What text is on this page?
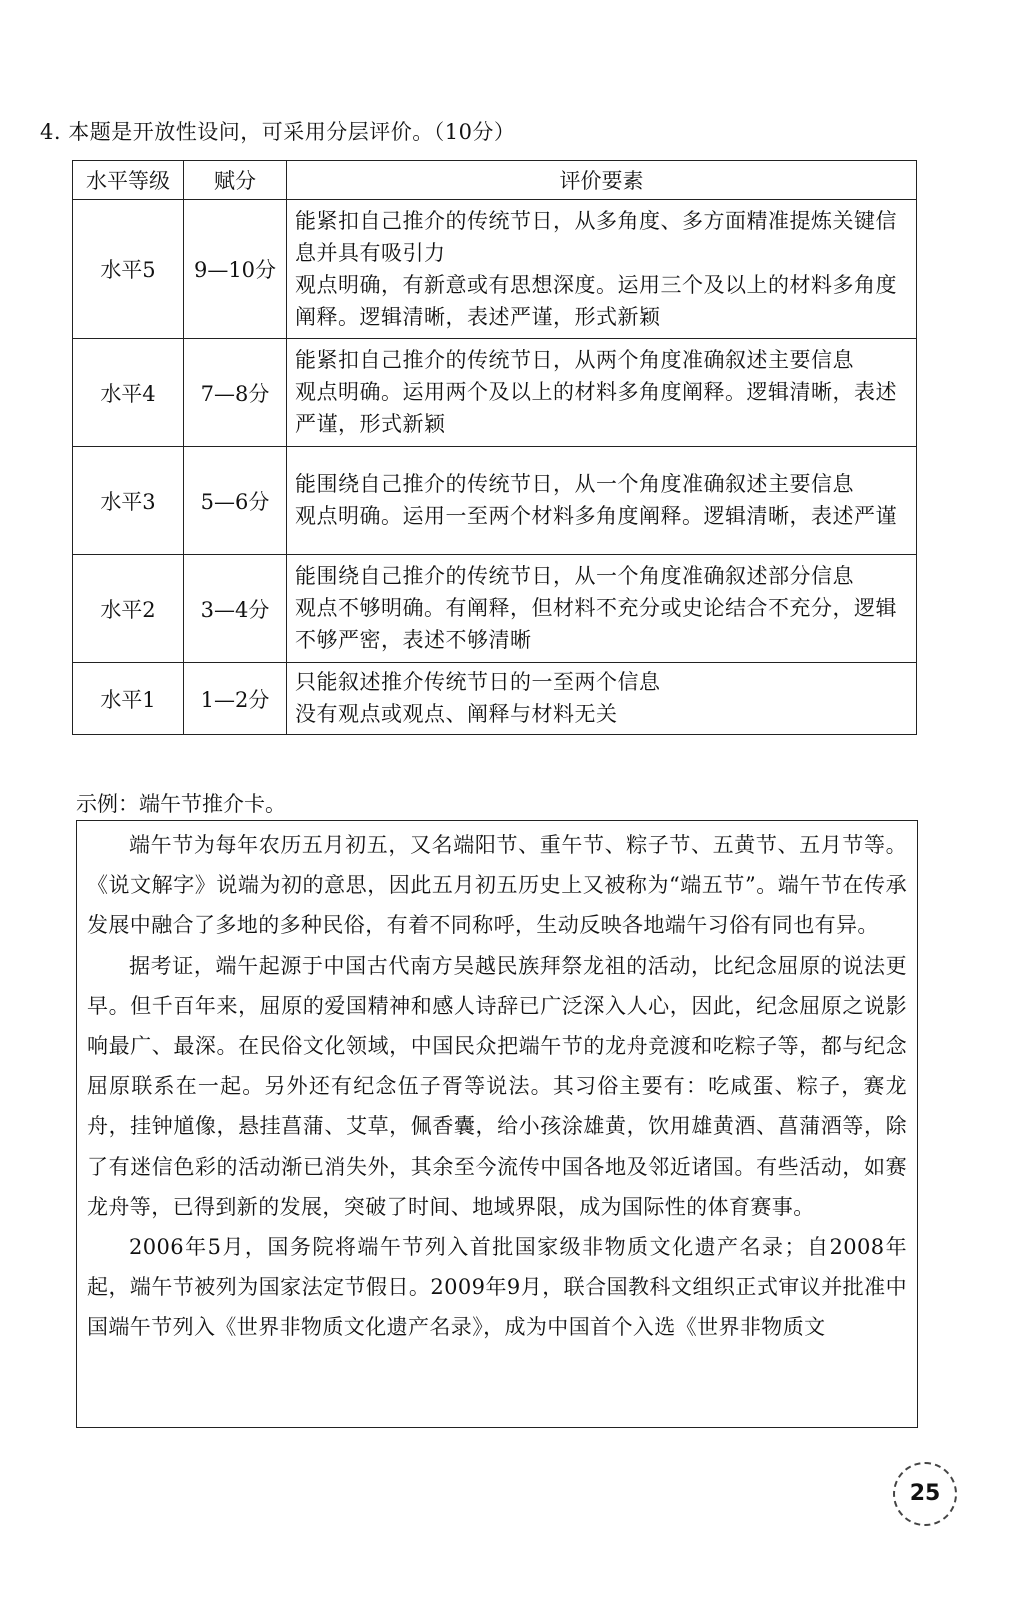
4. 本题是开放性设问，可采用分层评价。（10分）
水平等级	赋分	评价要素
水平5	9—10分	能紧扣自己推介的传统节日，从多角度、多方面精准提炼关键信息并具有吸引力
观点明确，有新意或有思想深度。运用三个及以上的材料多角度阐释。逻辑清晰，表述严谨，形式新颖

水平4	7—8分	能紧扣自己推介的传统节日，从两个角度准确叙述主要信息
观点明确。运用两个及以上的材料多角度阐释。逻辑清晰，表述严谨，形式新颖

水平3	5—6分	能围绕自己推介的传统节日，从一个角度准确叙述主要信息
观点明确。运用一至两个材料多角度阐释。逻辑清晰，表述严谨

水平2	3—4分	能围绕自己推介的传统节日，从一个角度准确叙述部分信息
观点不够明确。有阐释，但材料不充分或史论结合不充分，逻辑不够严密，表述不够清晰

水平1	1—2分	只能叙述推介传统节日的一至两个信息
没有观点或观点、阐释与材料无关
示例：端午节推介卡。

端午节为每年农历五月初五，又名端阳节、重午节、粽子节、五黄节、五月节等。《说文解字》说端为初的意思，因此五月初五历史上又被称为“端五节”。端午节在传承发展中融合了多地的多种民俗，有着不同称呼，生动反映各地端午习俗有同也有异。

据考证，端午起源于中国古代南方吴越民族拜祭龙祖的活动，比纪念屈原的说法更早。但千百年来，屈原的爱国精神和感人诗辞已广泛深入人心，因此，纪念屈原之说影响最广、最深。在民俗文化领域，中国民众把端午节的龙舟竞渡和吃粽子等，都与纪念屈原联系在一起。另外还有纪念伍子胥等说法。其习俗主要有：吃咸蛋、粽子，赛龙舟，挂钟馗像，悬挂菖蒲、艾草，佩香囊，给小孩涂雄黄，饮用雄黄酒、菖蒲酒等，除了有迷信色彩的活动渐已消失外，其余至今流传中国各地及邻近诸国。有些活动，如赛龙舟等，已得到新的发展，突破了时间、地域界限，成为国际性的体育赛事。

2006年5月，国务院将端午节列入首批国家级非物质文化遗产名录；自2008年起，端午节被列为国家法定节假日。2009年9月，联合国教科文组织正式审议并批准中国端午节列入《世界非物质文化遗产名录》，成为中国首个入选《世界非物质文

25
